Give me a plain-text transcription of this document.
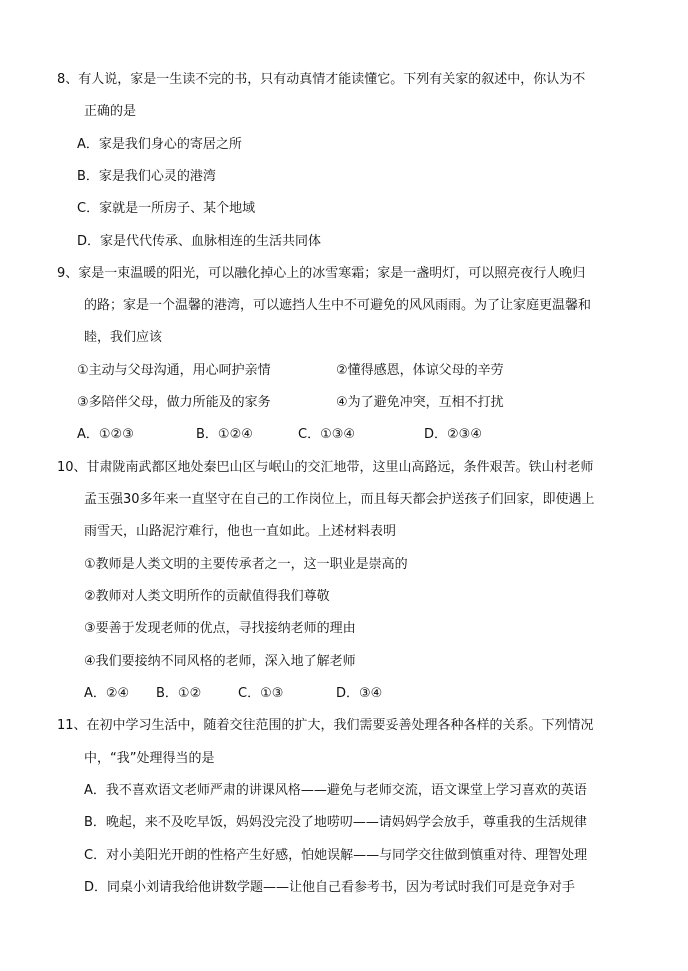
8、有人说，家是一生读不完的书，只有动真情才能读懂它。下列有关家的叙述中，你认为不
正确的是
A．家是我们身心的寄居之所
B．家是我们心灵的港湾
C．家就是一所房子、某个地域
D．家是代代传承、血脉相连的生活共同体
9、家是一束温暖的阳光，可以融化掉心上的冰雪寒霜；家是一盏明灯，可以照亮夜行人晚归
的路；家是一个温馨的港湾，可以遮挡人生中不可避免的风风雨雨。为了让家庭更温馨和
睦，我们应该
①主动与父母沟通，用心呵护亲情	②懂得感恩，体谅父母的辛劳
③多陪伴父母，做力所能及的家务	④为了避免冲突，互相不打扰
A．①②③	B．①②④	C．①③④	D．②③④
10、甘肃陇南武都区地处秦巴山区与岷山的交汇地带，这里山高路远，条件艰苦。铁山村老师
孟玉强30多年来一直坚守在自己的工作岗位上，而且每天都会护送孩子们回家，即使遇上
雨雪天，山路泥泞难行，他也一直如此。上述材料表明
①教师是人类文明的主要传承者之一，这一职业是崇高的
②教师对人类文明所作的贡献值得我们尊敬
③要善于发现老师的优点，寻找接纳老师的理由
④我们要接纳不同风格的老师，深入地了解老师
A．②④ B．①②	C．①③	D．③④
11、在初中学习生活中，随着交往范围的扩大，我们需要妥善处理各种各样的关系。下列情况
中，“我”处理得当的是
A．我不喜欢语文老师严肃的讲课风格——避免与老师交流，语文课堂上学习喜欢的英语
B．晚起，来不及吃早饭，妈妈没完没了地唠叨——请妈妈学会放手，尊重我的生活规律
C．对小美阳光开朗的性格产生好感，怕她误解——与同学交往做到慎重对待、理智处理
D．同桌小刘请我给他讲数学题——让他自己看参考书，因为考试时我们可是竞争对手
